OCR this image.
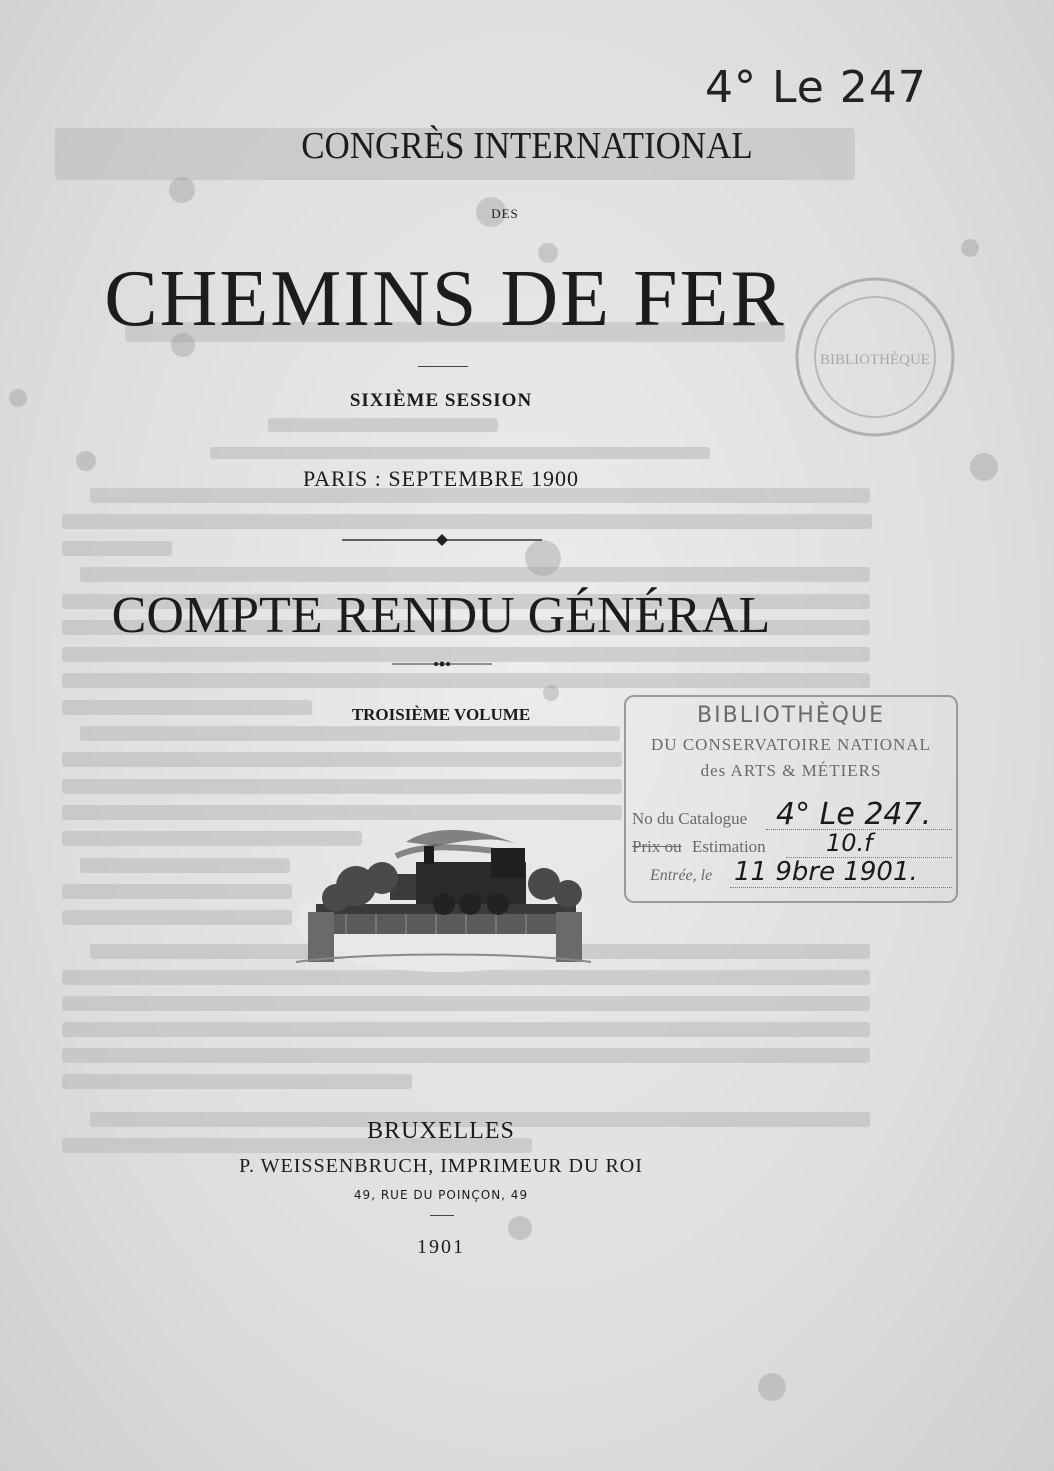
BIBLIOTHÈQUE
4° Le 247
CONGRÈS INTERNATIONAL
DES
CHEMINS DE FER
SIXIÈME SESSION
PARIS : SEPTEMBRE 1900
COMPTE RENDU GÉNÉRAL
TROISIÈME VOLUME
BRUXELLES
P. WEISSENBRUCH, IMPRIMEUR DU ROI
49, RUE DU POINÇON, 49
1901
BIBLIOTHÈQUE
DU CONSERVATOIRE NATIONAL
des ARTS & MÉTIERS
No du Catalogue 4° Le 247.
Prix ou Estimation	10.f
Entrée, le 11 9bre 1901.
